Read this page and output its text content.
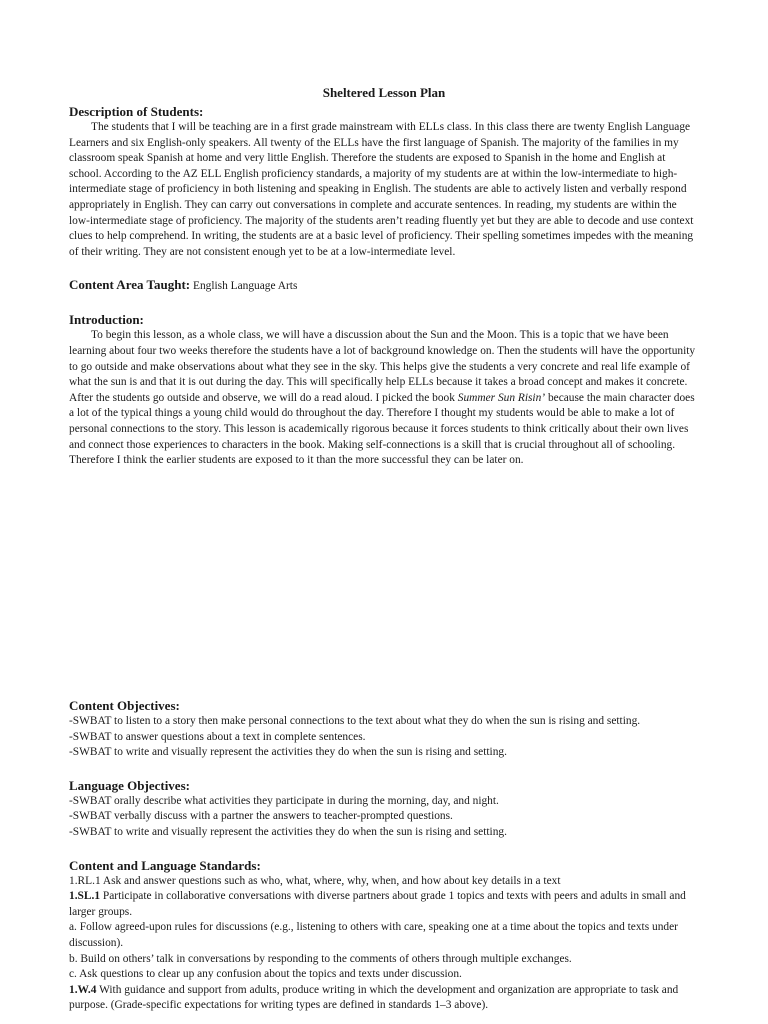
Sheltered Lesson Plan
Description of Students:

The students that I will be teaching are in a first grade mainstream with ELLs class. In this class there are twenty English Language Learners and six English-only speakers. All twenty of the ELLs have the first language of Spanish. The majority of the families in my classroom speak Spanish at home and very little English. Therefore the students are exposed to Spanish in the home and English at school. According to the AZ ELL English proficiency standards, a majority of my students are at within the low-intermediate to high-intermediate stage of proficiency in both listening and speaking in English. The students are able to actively listen and verbally respond appropriately in English. They can carry out conversations in complete and accurate sentences. In reading, my students are within the low-intermediate stage of proficiency. The majority of the students aren’t reading fluently yet but they are able to decode and use context clues to help comprehend. In writing, the students are at a basic level of proficiency. Their spelling sometimes impedes with the meaning of their writing. They are not consistent enough yet to be at a low-intermediate level.

Content Area Taught: English Language Arts
Introduction:

To begin this lesson, as a whole class, we will have a discussion about the Sun and the Moon. This is a topic that we have been learning about four two weeks therefore the students have a lot of background knowledge on. Then the students will have the opportunity to go outside and make observations about what they see in the sky. This helps give the students a very concrete and real life example of what the sun is and that it is out during the day. This will specifically help ELLs because it takes a broad concept and makes it concrete. After the students go outside and observe, we will do a read aloud. I picked the book Summer Sun Risin’ because the main character does a lot of the typical things a young child would do throughout the day. Therefore I thought my students would be able to make a lot of personal connections to the story. This lesson is academically rigorous because it forces students to think critically about their own lives and connect those experiences to characters in the book. Making self-connections is a skill that is crucial throughout all of schooling. Therefore I think the earlier students are exposed to it than the more successful they can be later on.

Content Objectives:

-SWBAT to listen to a story then make personal connections to the text about what they do when the sun is rising and setting.

-SWBAT to answer questions about a text in complete sentences.

-SWBAT to write and visually represent the activities they do when the sun is rising and setting.

Language Objectives:

-SWBAT orally describe what activities they participate in during the morning, day, and night.

-SWBAT verbally discuss with a partner the answers to teacher-prompted questions.

-SWBAT to write and visually represent the activities they do when the sun is rising and setting.

Content and Language Standards:

1.RL.1 Ask and answer questions such as who, what, where, why, when, and how about key details in a text

1.SL.1 Participate in collaborative conversations with diverse partners about grade 1 topics and texts with peers and adults in small and larger groups.

a. Follow agreed-upon rules for discussions (e.g., listening to others with care, speaking one at a time about the topics and texts under discussion).

b. Build on others’ talk in conversations by responding to the comments of others through multiple exchanges.

c. Ask questions to clear up any confusion about the topics and texts under discussion.

1.W.4 With guidance and support from adults, produce writing in which the development and organization are appropriate to task and purpose. (Grade-specific expectations for writing types are defined in standards 1–3 above).
